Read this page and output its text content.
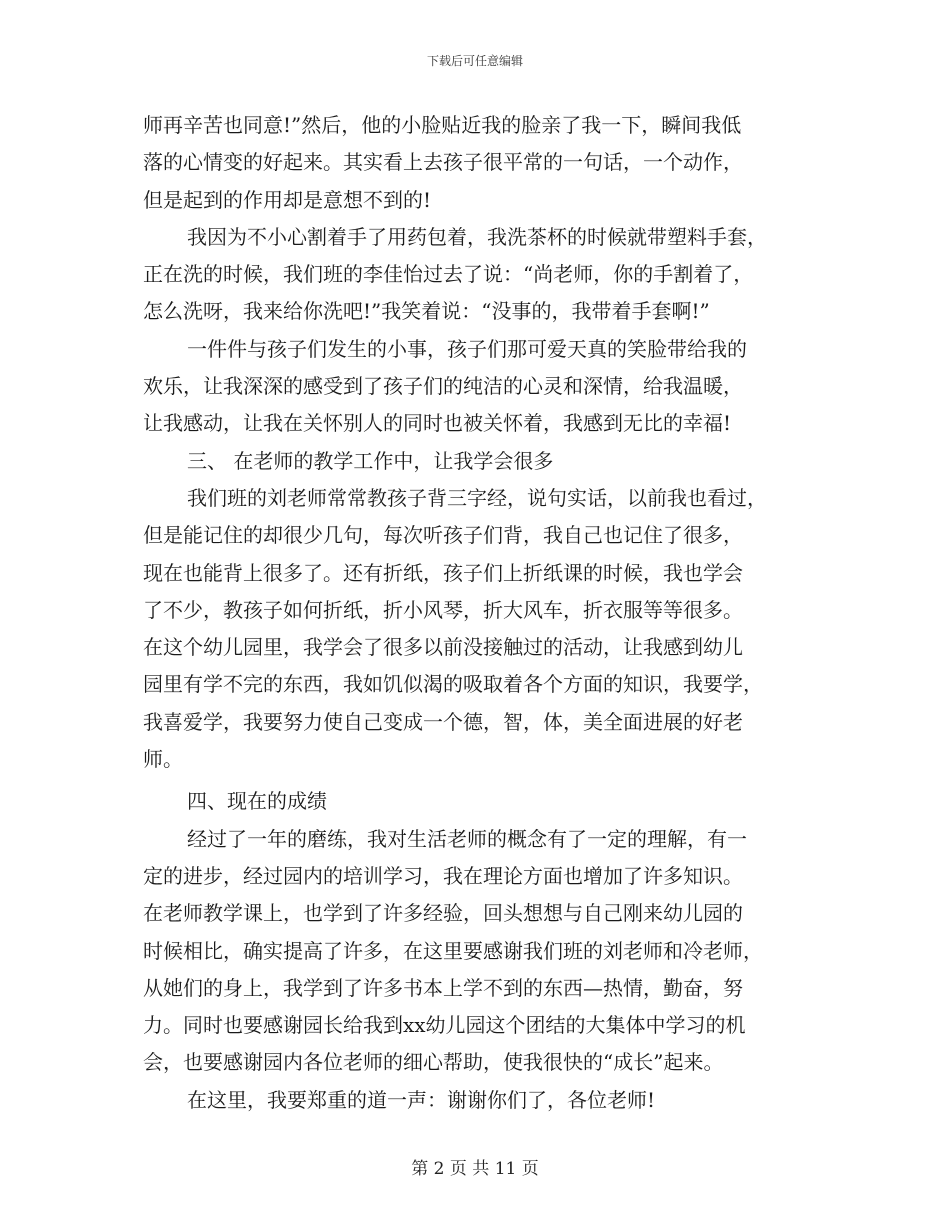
下载后可任意编辑
师再辛苦也同意!”然后，他的小脸贴近我的脸亲了我一下，瞬间我低
落的心情变的好起来。其实看上去孩子很平常的一句话，一个动作，
但是起到的作用却是意想不到的!
我因为不小心割着手了用药包着，我洗茶杯的时候就带塑料手套，
正在洗的时候，我们班的李佳怡过去了说：“尚老师，你的手割着了，
怎么洗呀，我来给你洗吧!”我笑着说：“没事的，我带着手套啊!”
一件件与孩子们发生的小事，孩子们那可爱天真的笑脸带给我的
欢乐，让我深深的感受到了孩子们的纯洁的心灵和深情，给我温暖，
让我感动，让我在关怀别人的同时也被关怀着，我感到无比的幸福!
三、 在老师的教学工作中，让我学会很多
我们班的刘老师常常教孩子背三字经，说句实话，以前我也看过，
但是能记住的却很少几句，每次听孩子们背，我自己也记住了很多，
现在也能背上很多了。还有折纸，孩子们上折纸课的时候，我也学会
了不少，教孩子如何折纸，折小风琴，折大风车，折衣服等等很多。
在这个幼儿园里，我学会了很多以前没接触过的活动，让我感到幼儿
园里有学不完的东西，我如饥似渴的吸取着各个方面的知识，我要学，
我喜爱学，我要努力使自己变成一个德，智，体，美全面进展的好老
师。
四、现在的成绩
经过了一年的磨练，我对生活老师的概念有了一定的理解，有一
定的进步，经过园内的培训学习，我在理论方面也增加了许多知识。
在老师教学课上，也学到了许多经验，回头想想与自己刚来幼儿园的
时候相比，确实提高了许多，在这里要感谢我们班的刘老师和冷老师，
从她们的身上，我学到了许多书本上学不到的东西—热情，勤奋，努
力。同时也要感谢园长给我到xx幼儿园这个团结的大集体中学习的机
会，也要感谢园内各位老师的细心帮助，使我很快的“成长”起来。
在这里，我要郑重的道一声：谢谢你们了，各位老师!
第 2 页 共 11 页
